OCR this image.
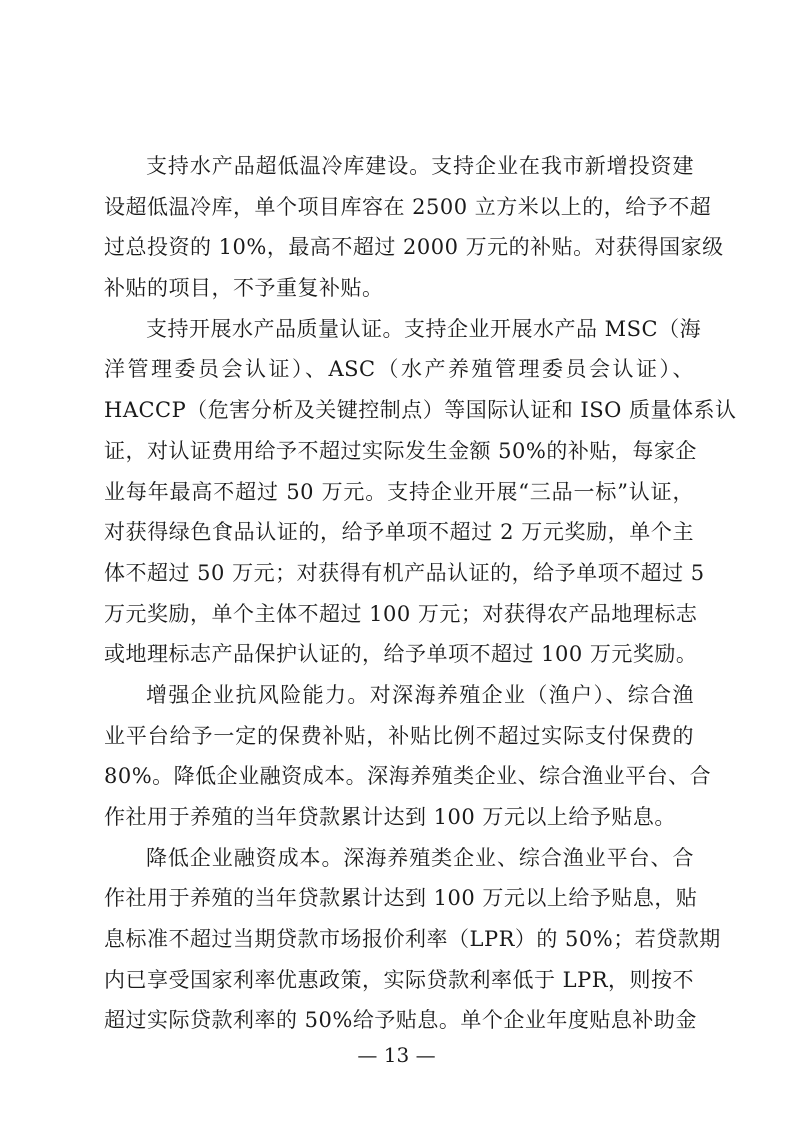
支持水产品超低温冷库建设。支持企业在我市新增投资建
设超低温冷库，单个项目库容在 2500 立方米以上的，给予不超
过总投资的 10%，最高不超过 2000 万元的补贴。对获得国家级
补贴的项目，不予重复补贴。
支持开展水产品质量认证。支持企业开展水产品 MSC（海
洋管理委员会认证）、ASC（水产养殖管理委员会认证）、
HACCP（危害分析及关键控制点）等国际认证和 ISO 质量体系认
证，对认证费用给予不超过实际发生金额 50%的补贴，每家企
业每年最高不超过 50 万元。支持企业开展“三品一标”认证，
对获得绿色食品认证的，给予单项不超过 2 万元奖励，单个主
体不超过 50 万元；对获得有机产品认证的，给予单项不超过 5
万元奖励，单个主体不超过 100 万元；对获得农产品地理标志
或地理标志产品保护认证的，给予单项不超过 100 万元奖励。
增强企业抗风险能力。对深海养殖企业（渔户）、综合渔
业平台给予一定的保费补贴，补贴比例不超过实际支付保费的
80%。降低企业融资成本。深海养殖类企业、综合渔业平台、合
作社用于养殖的当年贷款累计达到 100 万元以上给予贴息。
降低企业融资成本。深海养殖类企业、综合渔业平台、合
作社用于养殖的当年贷款累计达到 100 万元以上给予贴息，贴
息标准不超过当期贷款市场报价利率（LPR）的 50%；若贷款期
内已享受国家利率优惠政策，实际贷款利率低于 LPR，则按不
超过实际贷款利率的 50%给予贴息。单个企业年度贴息补助金
— 13 —
